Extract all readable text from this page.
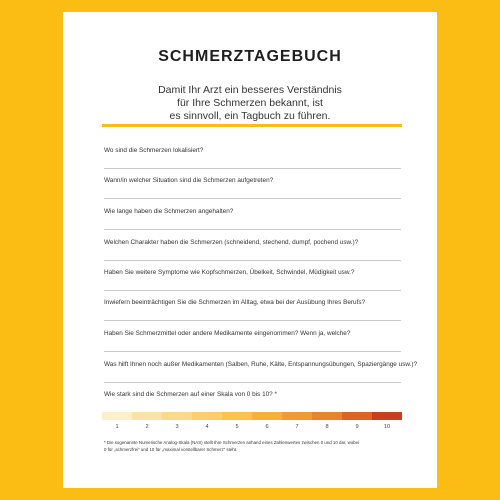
SCHMERZTAGEBUCH
Damit Ihr Arzt ein besseres Verständnis
für Ihre Schmerzen bekannt, ist
es sinnvoll, ein Tagbuch zu führen.
Wo sind die Schmerzen lokalisiert?
Wann/in welcher Situation sind die Schmerzen aufgetreten?
Wie lange haben die Schmerzen angehalten?
Welchen Charakter haben die Schmerzen (schneidend, stechend, dumpf, pochend usw.)?
Haben Sie weitere Symptome wie Kopfschmerzen, Übelkeit, Schwindel, Müdigkeit usw.?
Inwiefern beeinträchtigen Sie die Schmerzen im Alltag, etwa bei der Ausübung Ihres Berufs?
Haben Sie Schmerzmittel oder andere Medikamente eingenommen? Wenn ja, welche?
Was hilft Ihnen noch außer Medikamenten (Salben, Ruhe, Kälte, Entspannungsübungen, Spaziergänge usw.)?
Wie stark sind die Schmerzen auf einer Skala von 0 bis 10? *
1	2	3	4	5	6	7	8	9	10
* Die sogenannte Numerische Analog-Skala (NAS) stellt Ihre Schmerzen anhand eines Zahlenwertes zwischen 0 und 10 dar, wobei
0 für „schmerzfrei" und 10 für „maximal vorstellbarer Schmerz" steht.
